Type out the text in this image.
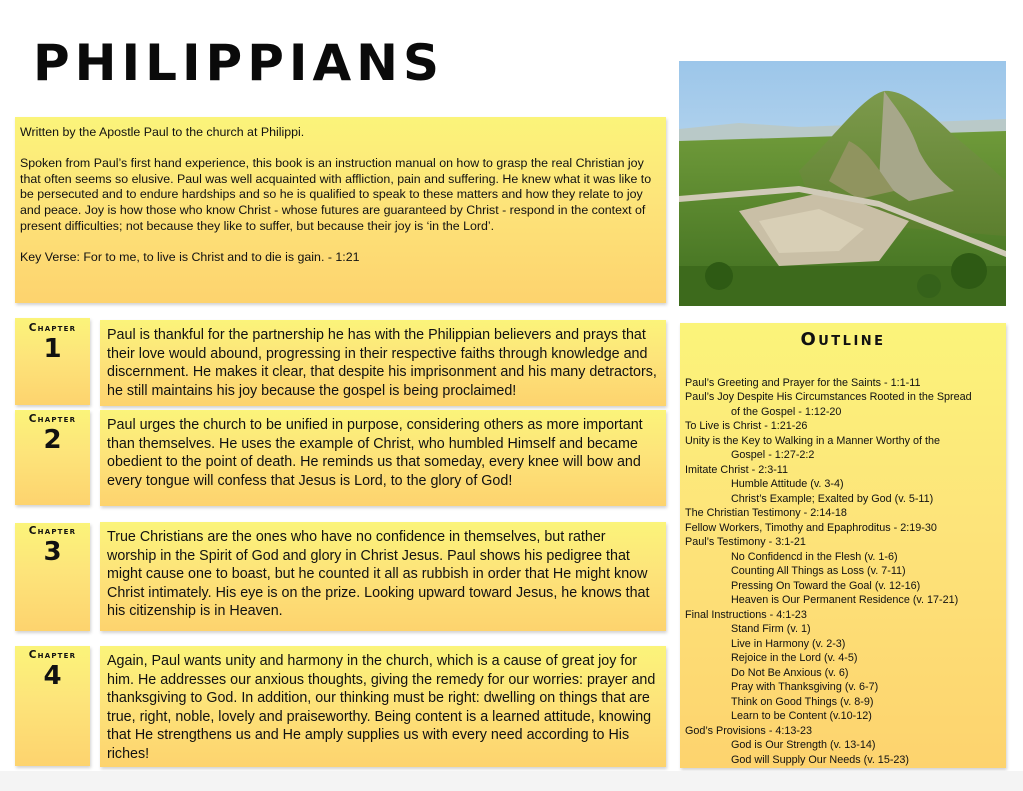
PHILIPPIANS

Written by the Apostle Paul to the church at Philippi.

Spoken from Paul’s first hand experience, this book is an instruction manual on how to grasp the real Christian joy that often seems so elusive. Paul was well acquainted with affliction, pain and suffering. He knew what it was like to be persecuted and to endure hardships and so he is qualified to speak to these matters and how they relate to joy and peace. Joy is how those who know Christ - whose futures are guaranteed by Christ - respond in the context of present difficulties; not because they like to suffer, but because their joy is ‘in the Lord’.

Key Verse: For to me, to live is Christ and to die is gain. - 1:21

Chapter
1	Paul is thankful for the partnership he has with the Philippian believers and prays that their love would abound, progressing in their respective faiths through knowledge and discernment. He makes it clear, that despite his imprisonment and his many detractors, he still maintains his joy because the gospel is being proclaimed!
Chapter
2	Paul urges the church to be unified in purpose, considering others as more important than themselves. He uses the example of Christ, who humbled Himself and became obedient to the point of death. He reminds us that someday, every knee will bow and every tongue will confess that Jesus is Lord, to the glory of God!
Chapter
3	True Christians are the ones who have no confidence in themselves, but rather worship in the Spirit of God and glory in Christ Jesus. Paul shows his pedigree that might cause one to boast, but he counted it all as rubbish in order that He might know Christ intimately. His eye is on the prize. Looking upward toward Jesus, he knows that his citizenship is in Heaven.
Chapter
4	Again, Paul wants unity and harmony in the church, which is a cause of great joy for him. He addresses our anxious thoughts, giving the remedy for our worries: prayer and thanksgiving to God. In addition, our thinking must be right: dwelling on things that are true, right, noble, lovely and praiseworthy. Being content is a learned attitude, knowing that He strengthens us and He amply supplies us with every need according to His riches!
Outline
Paul’s Greeting and Prayer for the Saints - 1:1-11
Paul’s Joy Despite His Circumstances Rooted in the Spread
of the Gospel - 1:12-20
To Live is Christ - 1:21-26
Unity is the Key to Walking in a Manner Worthy of the
Gospel - 1:27-2:2
Imitate Christ - 2:3-11
Humble Attitude (v. 3-4)
Christ’s Example; Exalted by God (v. 5-11)
The Christian Testimony - 2:14-18
Fellow Workers, Timothy and Epaphroditus - 2:19-30
Paul’s Testimony - 3:1-21
No Confidencd in the Flesh (v. 1-6)
Counting All Things as Loss (v. 7-11)
Pressing On Toward the Goal (v. 12-16)
Heaven is Our Permanent Residence (v. 17-21)
Final Instructions - 4:1-23
Stand Firm (v. 1)
Live in Harmony (v. 2-3)
Rejoice in the Lord (v. 4-5)
Do Not Be Anxious (v. 6)
Pray with Thanksgiving (v. 6-7)
Think on Good Things (v. 8-9)
Learn to be Content (v.10-12)
God’s Provisions - 4:13-23
God is Our Strength (v. 13-14)
God will Supply Our Needs (v. 15-23)
